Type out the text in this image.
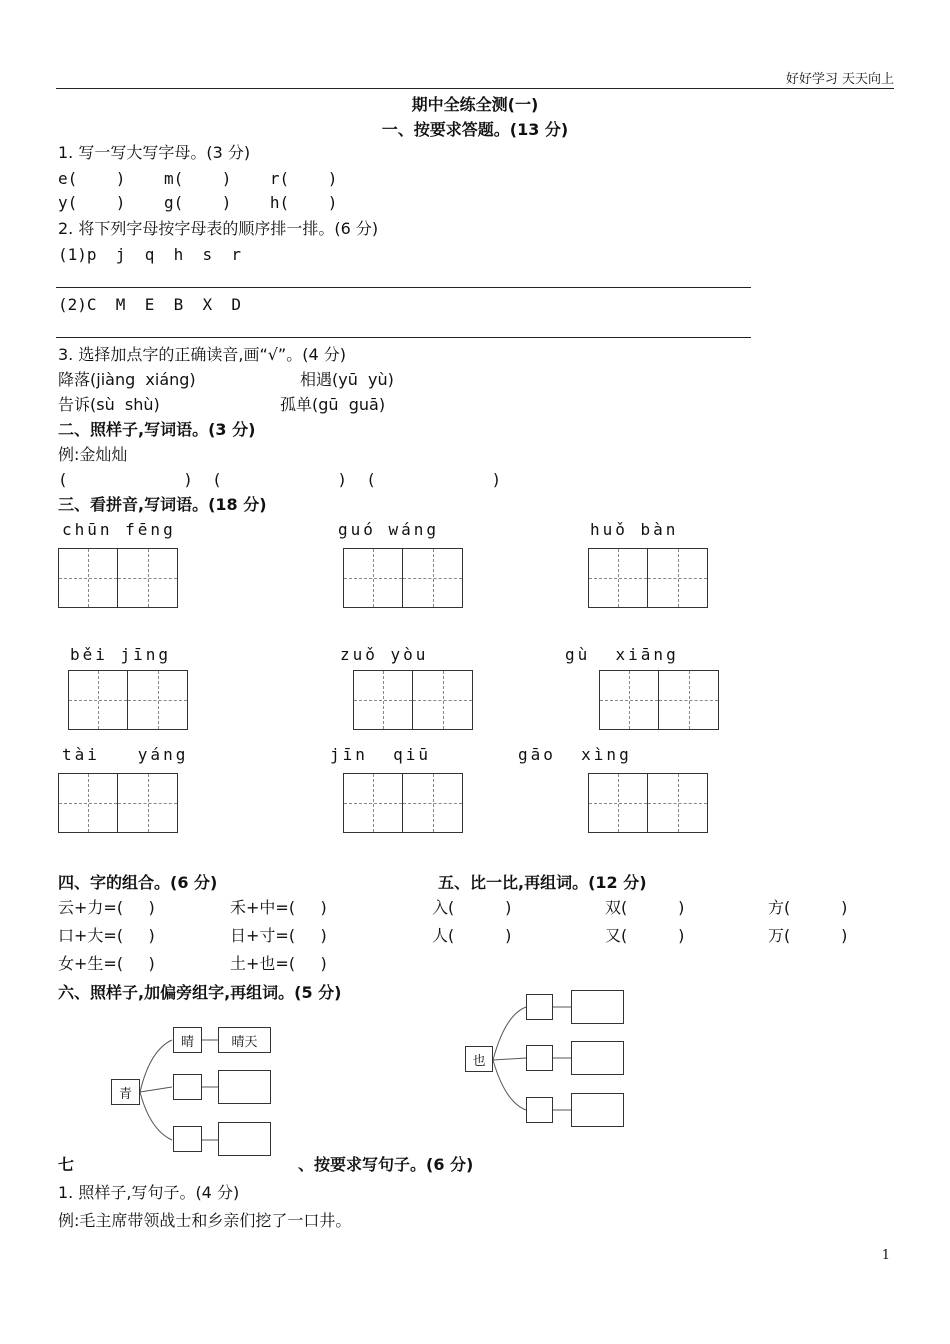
好好学习 天天向上
期中全练全测(一)
一、按要求答题。(13 分)
1. 写一写大写字母。(3 分)
e(    )    m(    )    r(    )
y(    )    g(    )    h(    )
2. 将下列字母按字母表的顺序排一排。(6 分)
(1)p  j  q  h  s  r
(2)C  M  E  B  X  D
3. 选择加点字的正确读音,画“√”。(4 分)
降落(jiàng  xiáng)	相遇(yū  yù)
告诉(sù  shù)	孤单(gū  guā)
二、照样子,写词语。(3 分)
例:金灿灿
(            )  (            )  (            )
三、看拼音,写词语。(18 分)
chūn fēng	guó wáng	huǒ bàn
běi jīng	zuǒ yòu	gù  xiāng
tài   yáng	jīn  qiū	gāo  xìng
四、字的组合。(6 分)
云+力=(     )	禾+中=(     )
口+大=(     )	日+寸=(     )
女+生=(     )	土+也=(     )
五、比一比,再组词。(12 分)
入(          )	双(          )	方(          )
人(          )	又(          )	万(          )
六、照样子,加偏旁组字,再组词。(5 分)
青
晴	晴天
也
七	、按要求写句子。(6 分)
1. 照样子,写句子。(4 分)
例:毛主席带领战士和乡亲们挖了一口井。
1
